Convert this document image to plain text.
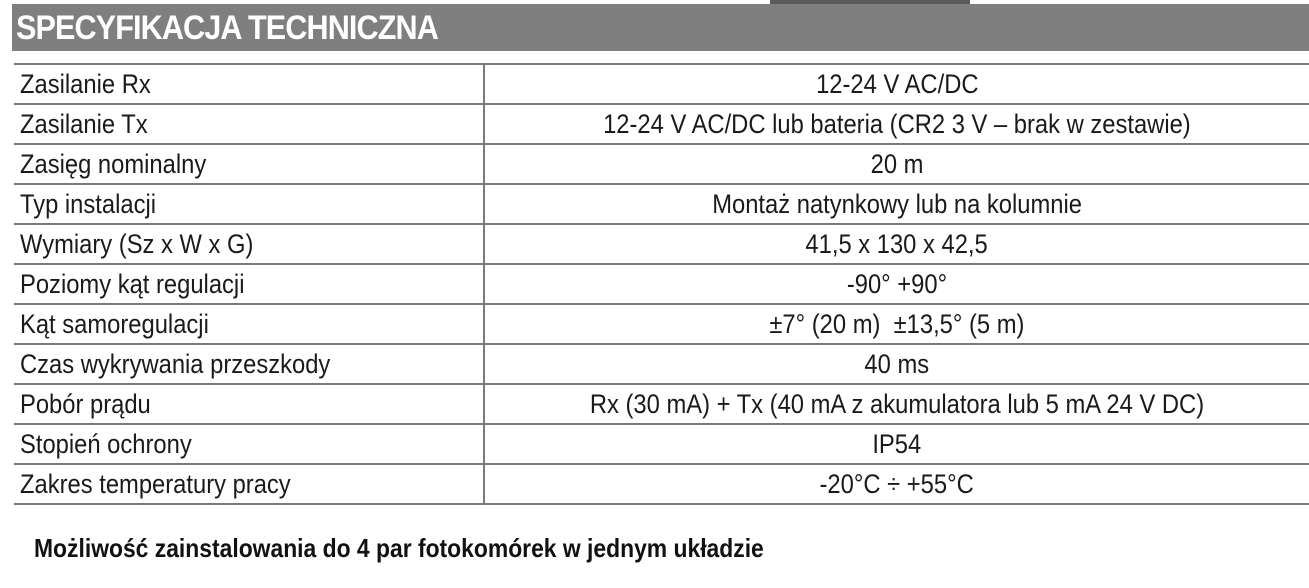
SPECYFIKACJA TECHNICZNA
Zasilanie Rx	12-24 V AC/DC
Zasilanie Tx	12-24 V AC/DC lub bateria (CR2 3 V – brak w zestawie)
Zasięg nominalny	20 m
Typ instalacji	Montaż natynkowy lub na kolumnie
Wymiary (Sz x W x G)	41,5 x 130 x 42,5
Poziomy kąt regulacji	-90° +90°
Kąt samoregulacji	±7° (20 m)  ±13,5° (5 m)
Czas wykrywania przeszkody	40 ms
Pobór prądu	Rx (30 mA) + Tx (40 mA z akumulatora lub 5 mA 24 V DC)
Stopień ochrony	IP54
Zakres temperatury pracy	-20°C ÷ +55°C
Możliwość zainstalowania do 4 par fotokomórek w jednym układzie
